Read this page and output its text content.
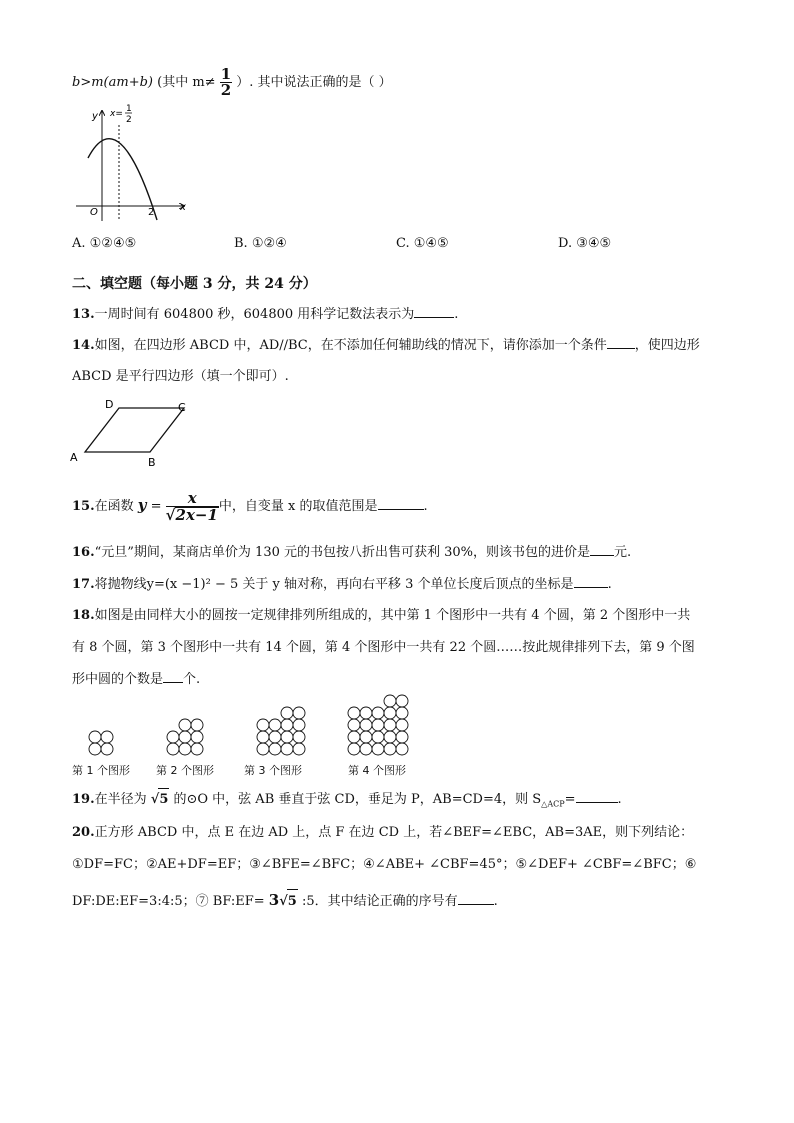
b>m(am+b) (其中 $m\ne \frac{1}{2}$ ）. 其中说法正确的是（ ）
y
x
O	2
x= 1
2
A. ①②④⑤	B. ①②④	C. ①④⑤	D. ③④⑤
二、填空题（每小题 3 分，共 24 分）
13.一周时间有 604800 秒，604800 用科学记数法表示为	.
14.如图，在四边形 ABCD 中，AD//BC，在不添加任何辅助线的情况下，请你添加一个条件 ，使四边形
ABCD 是平行四边形（填一个即可）.
A	B
C
D
15.在函数 $y = \frac{x}{√2x-1}$ 中，自变量 x 的取值范围是	.
16.“元旦”期间，某商店单价为 130 元的书包按八折出售可获利 30%，则该书包的进价是 元.
17.将抛物线y=(x −1)² − 5 关于 y 轴对称，再向右平移 3 个单位长度后顶点的坐标是	.
18.如图是由同样大小的圆按一定规律排列所组成的，其中第 1 个图形中一共有 4 个圆，第 2 个图形中一共
有 8 个圆，第 3 个图形中一共有 14 个圆，第 4 个图形中一共有 22 个圆……按此规律排列下去，第 9 个图
形中圆的个数是 个.
第 1 个图形 第 2 个图形	第 3 个图形	第 4 个图形
19.在半径为 √5 的⊙O 中，弦 AB 垂直于弦 CD，垂足为 P，AB=CD=4，则 $S_{\triangle ACP}=$	.
20.正方形 ABCD 中，点 E 在边 AD 上，点 F 在边 CD 上，若∠BEF=∠EBC，AB=3AE，则下列结论：
①DF=FC；②AE+DF=EF；③∠BFE=∠BFC；④∠ABE+ ∠CBF=45°；⑤∠DEF+ ∠CBF=∠BFC；⑥
DF:DE:EF=3:4:5；⑦ BF:EF= 3√5 :5．其中结论正确的序号有	.
